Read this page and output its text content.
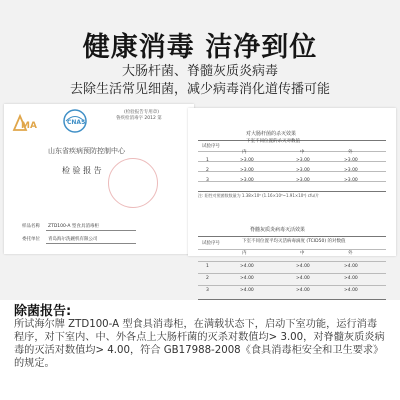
健康消毒 洁净到位
大肠杆菌、脊髓灰质炎病毒
去除生活常见细菌，减少病毒消化道传播可能
MA	CNAS
(检验报告专用章)
鲁疾检消毒字 2012 第
山东省疾病预防控制中心
检 验 报 告
样品名称 ZTD100-A 型食具消毒柜
委托单位 青岛海尔洗碗机有限公司
对大肠杆菌的杀灭效果
试验序号
下室不同位置的杀灭对数值
内	中	外
1	>3.00	>3.00	>3.00
2	>3.00	>3.00	>3.00
3	>3.00	>3.00	>3.00
注: 阳性对照菌数数量为 1.38×10⁶ (1.16×10⁶~1.91×10⁶) cfu/片
脊髓灰质炎病毒灭活效果
试验序号	下室不同位置平均灭活病毒滴度 (TCID50) 的对数值
内	中	外
1	>4.00	>4.00	>4.00
2	>4.00	>4.00	>4.00
3	>4.00	>4.00	>4.00
除菌报告:
所试海尔牌 ZTD100-A 型食具消毒柜，在满载状态下，启动下室功能，运行消毒程序，对下室内、中、外各点上大肠杆菌的灭杀对数值均> 3.00，对脊髓灰质炎病毒的灭活对数值均> 4.00，符合 GB17988-2008《食具消毒柜安全和卫生要求》的规定。
